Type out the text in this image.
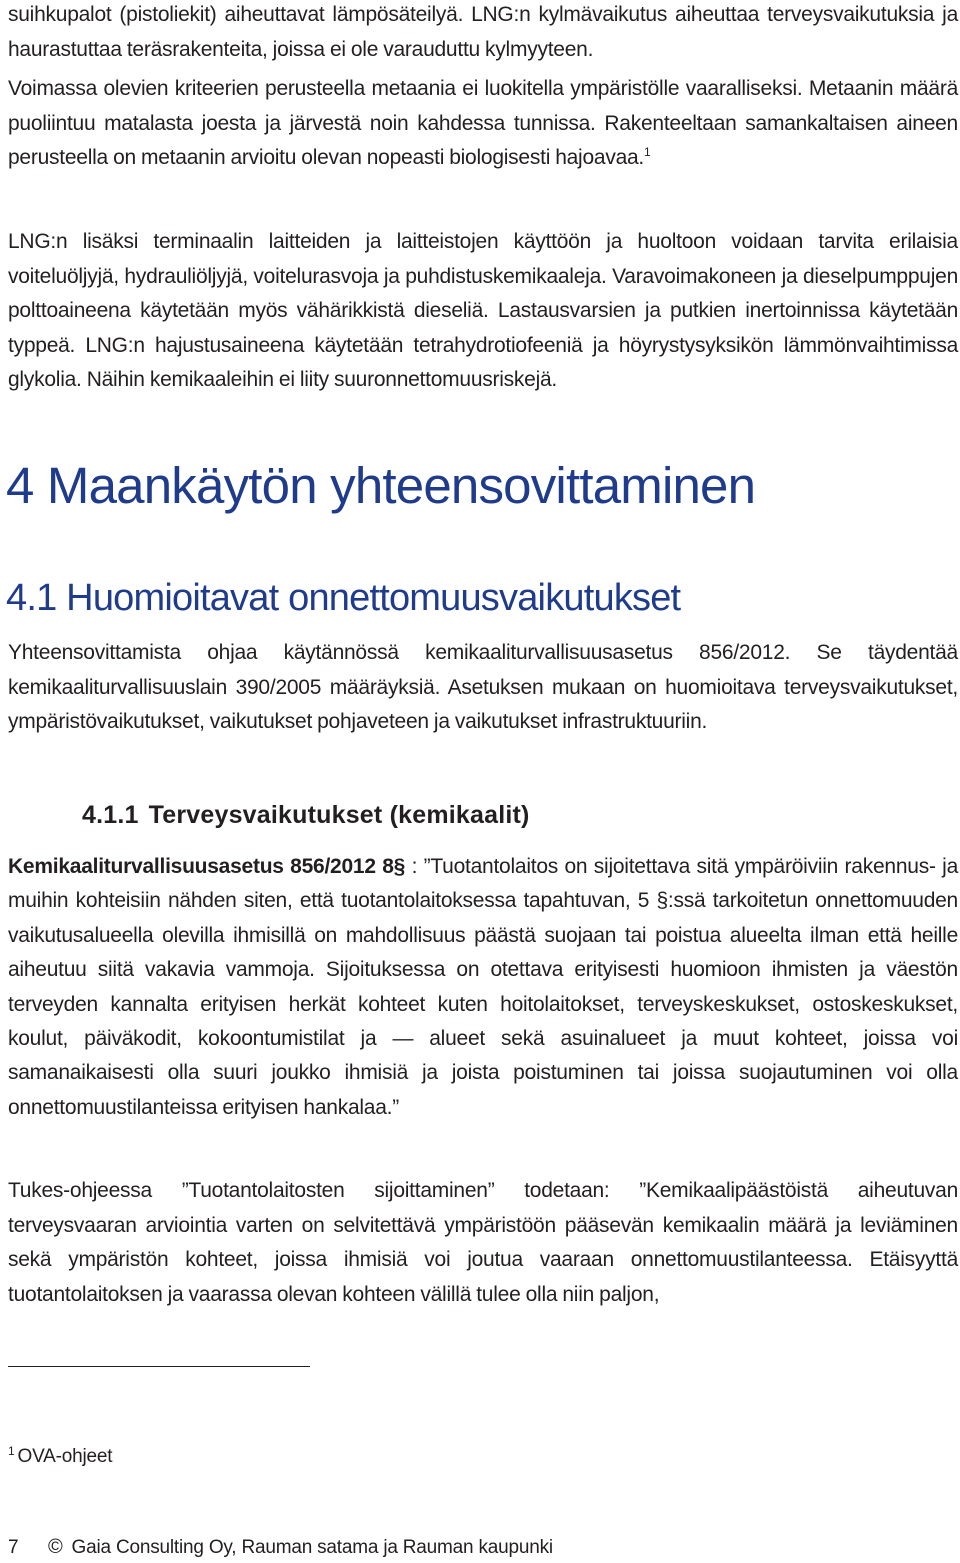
suihkupalot (pistoliekit) aiheuttavat lämpösäteilyä. LNG:n kylmävaikutus aiheuttaa terveysvaikutuksia ja haurastuttaa teräsrakenteita, joissa ei ole varauduttu kylmyyteen.

Voimassa olevien kriteerien perusteella metaania ei luokitella ympäristölle vaaralliseksi. Metaanin määrä puoliintuu matalasta joesta ja järvestä noin kahdessa tunnissa. Rakenteeltaan samankaltaisen aineen perusteella on metaanin arvioitu olevan nopeasti biologisesti hajoavaa.$^1$

LNG:n lisäksi terminaalin laitteiden ja laitteistojen käyttöön ja huoltoon voidaan tarvita erilaisia voiteluöljyjä, hydrauliöljyjä, voitelurasvoja ja puhdistuskemikaaleja. Varavoimakoneen ja dieselpumppujen polttoaineena käytetään myös vähärikkistä dieseliä. Lastausvarsien ja putkien inertoinnissa käytetään typpeä. LNG:n hajustusaineena käytetään tetrahydrotiofeeniä ja höyrystysyksikön lämmönvaihtimissa glykolia. Näihin kemikaaleihin ei liity suuronnettomuusriskejä.

4 Maankäytön yhteensovittaminen
4.1 Huomioitavat onnettomuusvaikutukset

Yhteensovittamista ohjaa käytännössä kemikaaliturvallisuusasetus 856/2012. Se täydentää kemikaaliturvallisuuslain 390/2005 määräyksiä. Asetuksen mukaan on huomioitava terveysvaikutukset, ympäristövaikutukset, vaikutukset pohjaveteen ja vaikutukset infrastruktuuriin.

4.1.1 Terveysvaikutukset (kemikaalit)

Kemikaaliturvallisuusasetus 856/2012 8§ : ”Tuotantolaitos on sijoitettava sitä ympäröiviin rakennus- ja muihin kohteisiin nähden siten, että tuotantolaitoksessa tapahtuvan, 5 §:ssä tarkoitetun onnettomuuden vaikutusalueella olevilla ihmisillä on mahdollisuus päästä suojaan tai poistua alueelta ilman että heille aiheutuu siitä vakavia vammoja. Sijoituksessa on otettava erityisesti huomioon ihmisten ja väestön terveyden kannalta erityisen herkät kohteet kuten hoitolaitokset, terveyskeskukset, ostoskeskukset, koulut, päiväkodit, kokoontumistilat ja — alueet sekä asuinalueet ja muut kohteet, joissa voi samanaikaisesti olla suuri joukko ihmisiä ja joista poistuminen tai joissa suojautuminen voi olla onnettomuustilanteissa erityisen hankalaa.”

Tukes-ohjeessa ”Tuotantolaitosten sijoittaminen” todetaan: ”Kemikaalipäästöistä aiheutuvan terveysvaaran arviointia varten on selvitettävä ympäristöön pääsevän kemikaalin määrä ja leviäminen sekä ympäristön kohteet, joissa ihmisiä voi joutua vaaraan onnettomuustilanteessa. Etäisyyttä tuotantolaitoksen ja vaarassa olevan kohteen välillä tulee olla niin paljon,

$^1$ OVA-ohjeet

7	© Gaia Consulting Oy, Rauman satama ja Rauman kaupunki
